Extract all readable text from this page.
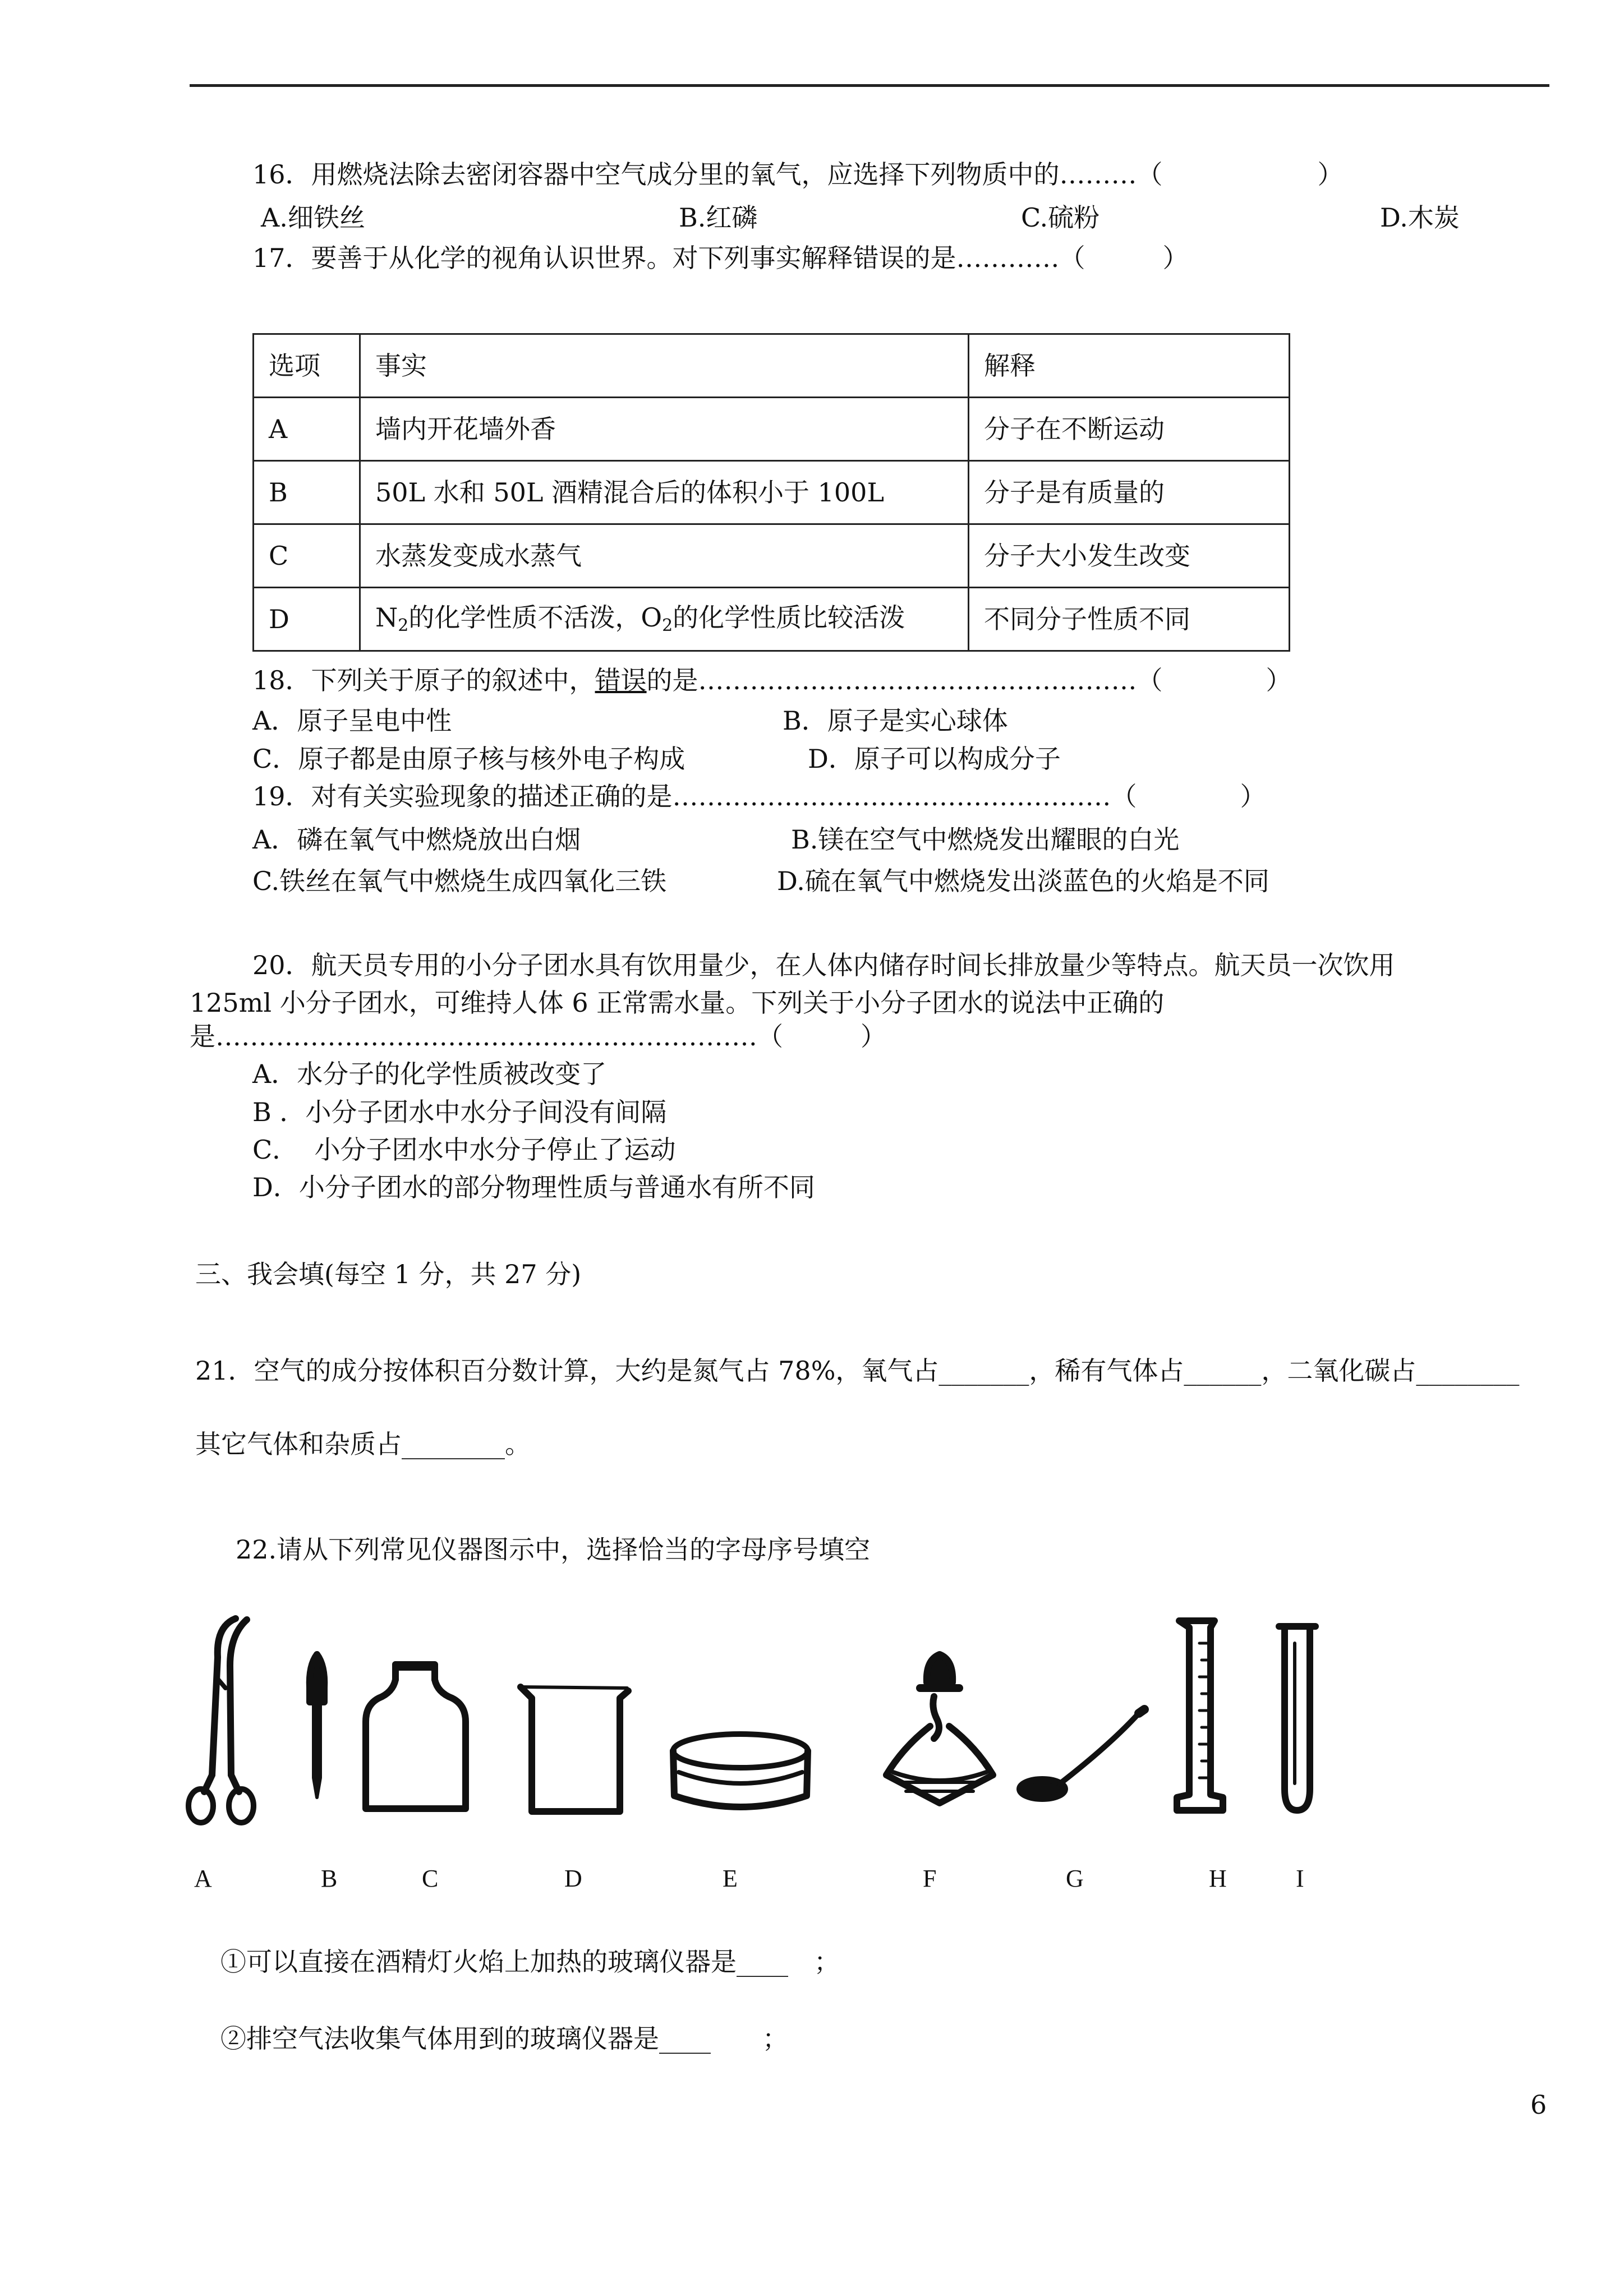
16．用燃烧法除去密闭容器中空气成分里的氧气，应选择下列物质中的………（　　　　　　）
A.细铁丝	B.红磷	C.硫粉	D.木炭
17．要善于从化学的视角认识世界。对下列事实解释错误的是…………（　　　）
选项	事实	解释
A	墙内开花墙外香	分子在不断运动
B	50L 水和 50L 酒精混合后的体积小于 100L	分子是有质量的
C	水蒸发变成水蒸气	分子大小发生改变
D	$N_2$的化学性质不活泼，$O_2$的化学性质比较活泼	不同分子性质不同
18．下列关于原子的叙述中，错误的是……………………………………………（　　　　）
A．原子呈电中性	B．原子是实心球体
C．原子都是由原子核与核外电子构成	D．原子可以构成分子
19．对有关实验现象的描述正确的是……………………………………………（　　　　）
A．磷在氧气中燃烧放出白烟	B.镁在空气中燃烧发出耀眼的白光
C.铁丝在氧气中燃烧生成四氧化三铁	D.硫在氧气中燃烧发出淡蓝色的火焰是不同
20．航天员专用的小分子团水具有饮用量少，在人体内储存时间长排放量少等特点。航天员一次饮用
125ml 小分子团水，可维持人体 6 正常需水量。下列关于小分子团水的说法中正确的
是………………………………………………………（　　　）
A．水分子的化学性质被改变了
B ．小分子团水中水分子间没有间隔
C．  小分子团水中水分子停止了运动
D．小分子团水的部分物理性质与普通水有所不同
三、我会填(每空 1 分，共 27 分)
21．空气的成分按体积百分数计算，大约是氮气占 78%，氧气占_______，稀有气体占______，二氧化碳占________
其它气体和杂质占________。
22.请从下列常见仪器图示中，选择恰当的字母序号填空
A	B	C	D	E	F	G	H	I
①可以直接在酒精灯火焰上加热的玻璃仪器是____　；
②排空气法收集气体用到的玻璃仪器是____　　；
6
